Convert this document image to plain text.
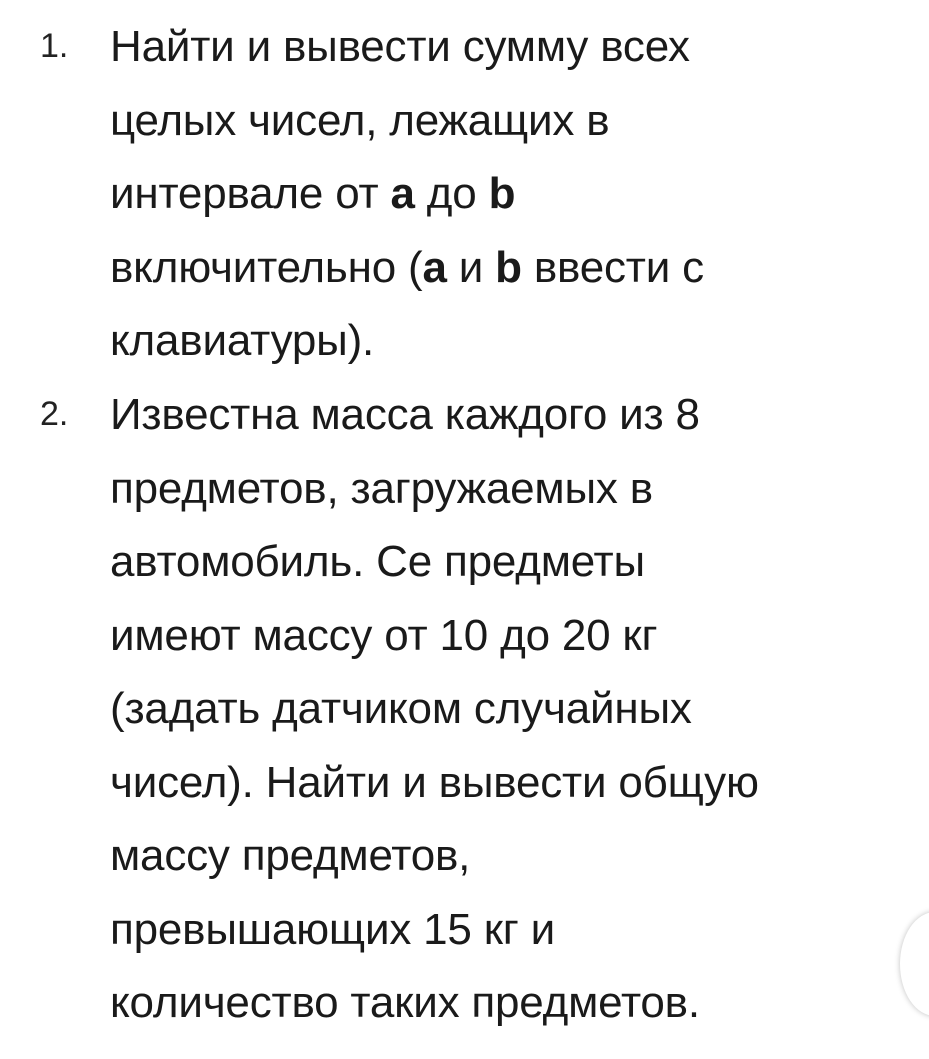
1. Найти и вывести сумму всех
целых чисел, лежащих в
интервале от a до b
включительно (a и b ввести с
клавиатуры).
2. Известна масса каждого из 8
предметов, загружаемых в
автомобиль. Се предметы
имеют массу от 10 до 20 кг
(задать датчиком случайных
чисел). Найти и вывести общую
массу предметов,
превышающих 15 кг и
количество таких предметов.
